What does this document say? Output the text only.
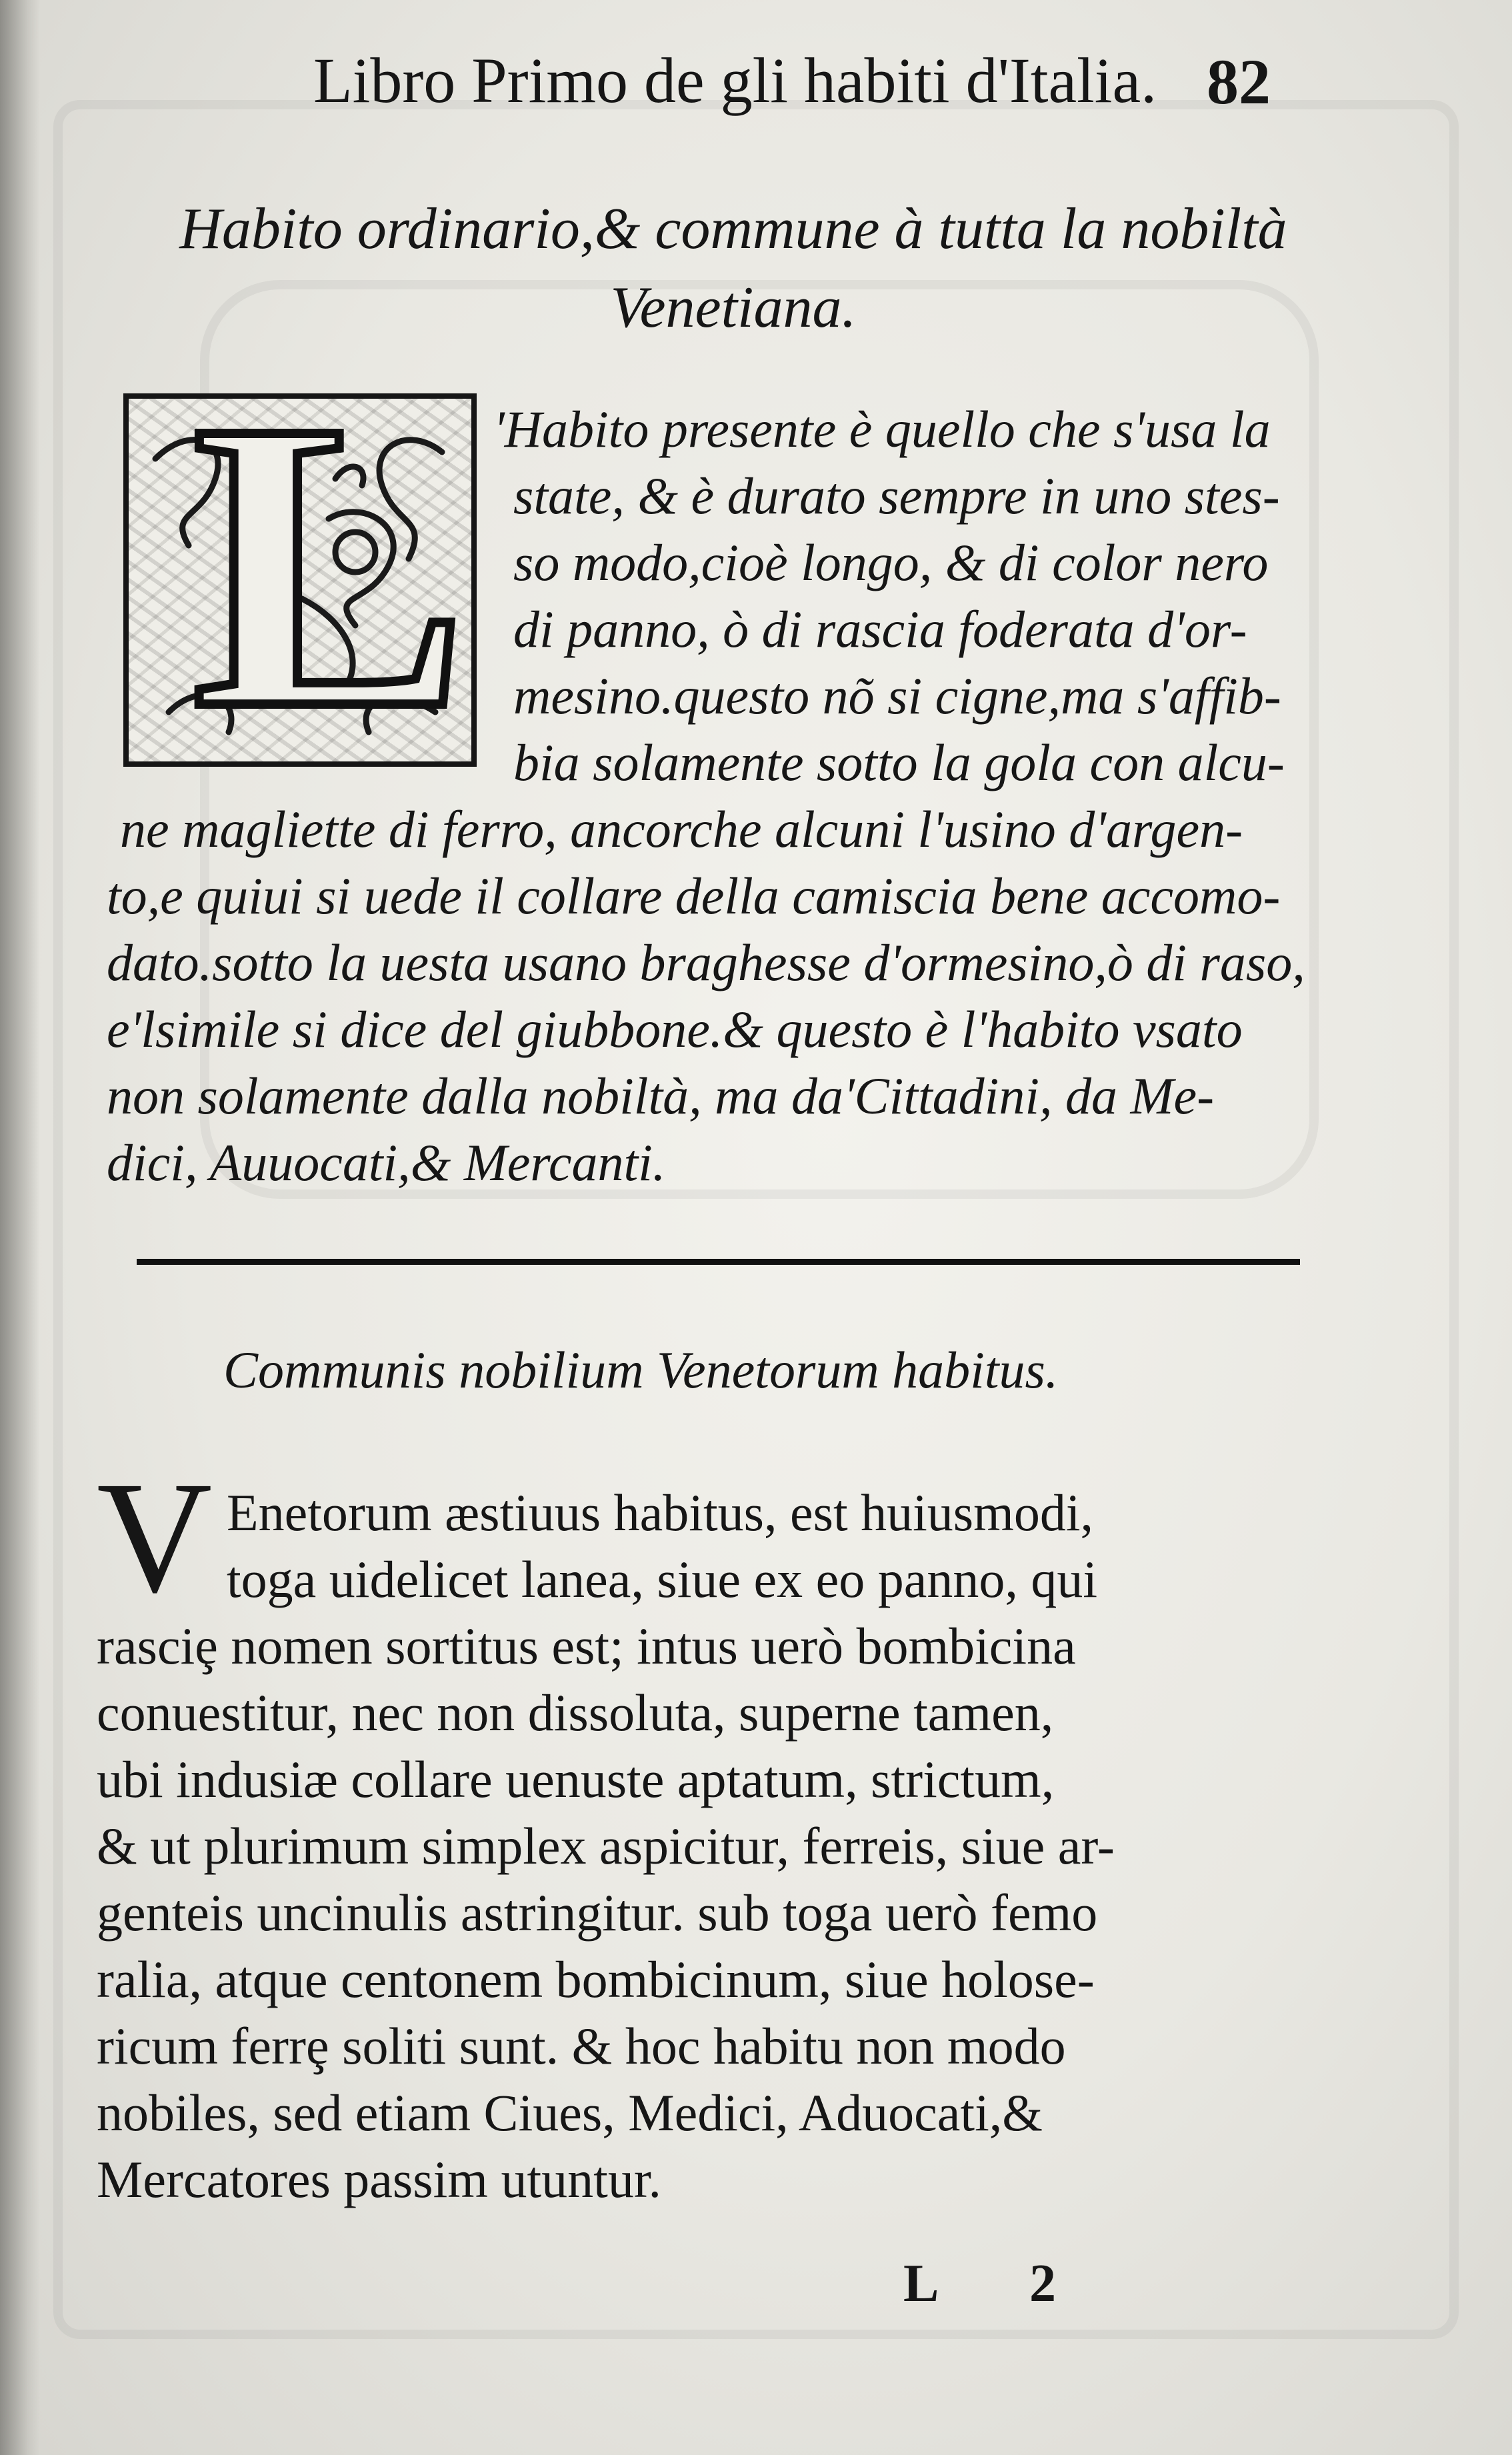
Libro Primo de gli habiti d'Italia. 82
Habito ordinario,& commune à tutta la nobiltà
Venetiana.
L 'Habito presente è quello che s'usa la
state, & è durato sempre in uno stes-
so modo,cioè longo, & di color nero
di panno, ò di rascia foderata d'or-
mesino.questo nõ si cigne,ma s'affib-
bia solamente sotto la gola con alcu-
ne magliette di ferro, ancorche alcuni l'usino d'argen-
to,e quiui si uede il collare della camiscia bene accomo-
dato.sotto la uesta usano braghesse d'ormesino,ò di raso,
e'lsimile si dice del giubbone.& questo è l'habito vsato
non solamente dalla nobiltà, ma da'Cittadini, da Me-
dici, Auuocati,& Mercanti.
Communis nobilium Venetorum habitus.
V Enetorum æstiuus habitus, est huiusmodi,
toga uidelicet lanea, siue ex eo panno, qui
rasciȩ nomen sortitus est; intus uerò bombicina
conuestitur, nec non dissoluta, superne tamen,
ubi indusiæ collare uenuste aptatum, strictum,
& ut plurimum simplex aspicitur, ferreis, siue ar-
genteis uncinulis astringitur. sub toga uerò femo
ralia, atque centonem bombicinum, siue holose-
ricum ferrȩ soliti sunt. & hoc habitu non modo
nobiles, sed etiam Ciues, Medici, Aduocati,&
Mercatores passim utuntur.
L 2
